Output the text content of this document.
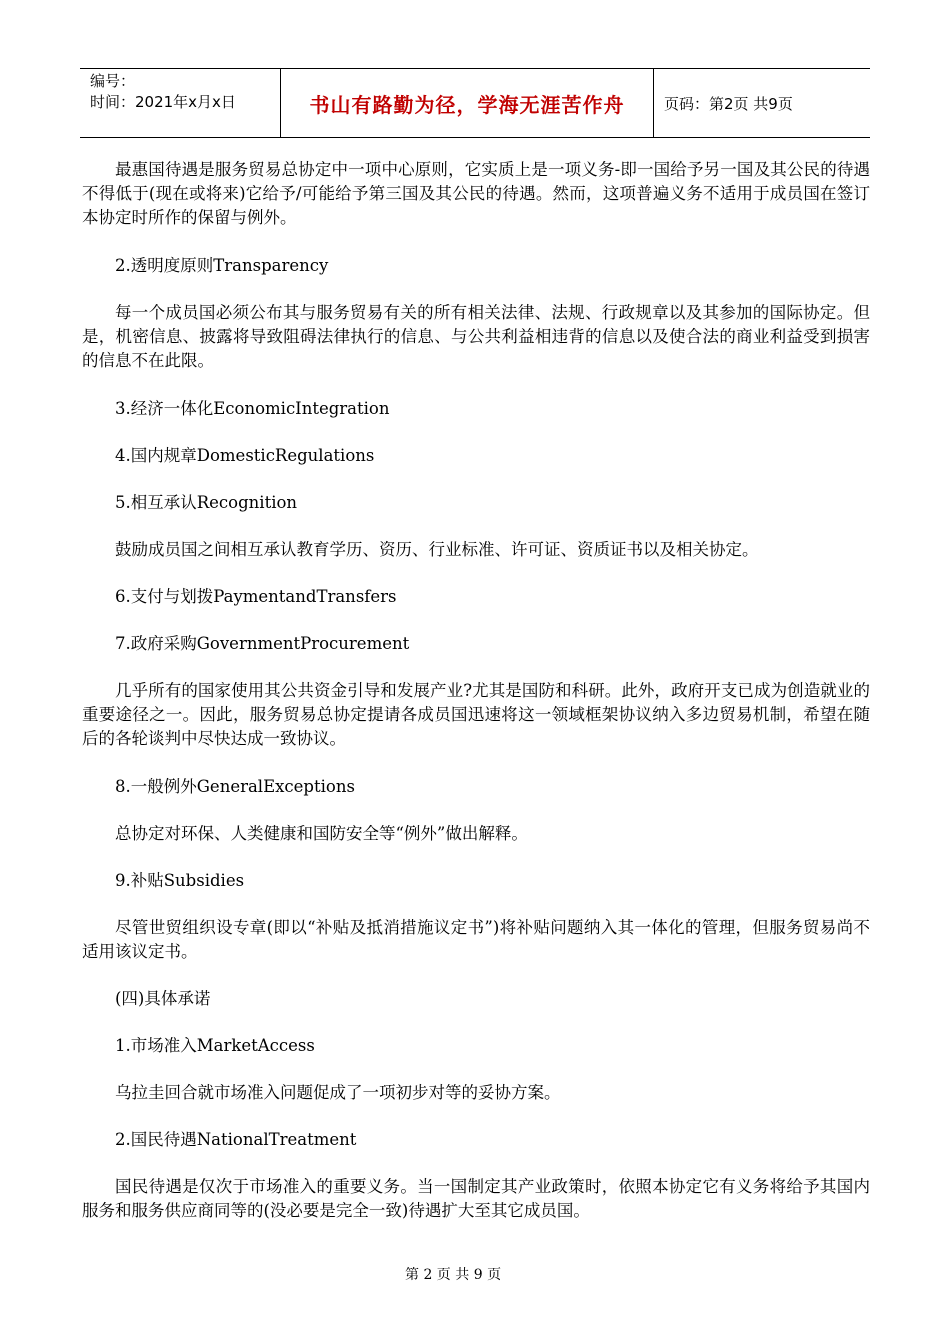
编号：
时间：2021年x月x日	书山有路勤为径，学海无涯苦作舟	页码：第2页 共9页

最惠国待遇是服务贸易总协定中一项中心原则，它实质上是一项义务-即一国给予另一国及其公民的待遇不得低于(现在或将来)它给予/可能给予第三国及其公民的待遇。然而，这项普遍义务不适用于成员国在签订本协定时所作的保留与例外。

2.透明度原则Transparency

每一个成员国必须公布其与服务贸易有关的所有相关法律、法规、行政规章以及其参加的国际协定。但是，机密信息、披露将导致阻碍法律执行的信息、与公共利益相违背的信息以及使合法的商业利益受到损害的信息不在此限。

3.经济一体化EconomicIntegration

4.国内规章DomesticRegulations

5.相互承认Recognition

鼓励成员国之间相互承认教育学历、资历、行业标准、许可证、资质证书以及相关协定。

6.支付与划拨PaymentandTransfers

7.政府采购GovernmentProcurement

几乎所有的国家使用其公共资金引导和发展产业?尤其是国防和科研。此外，政府开支已成为创造就业的重要途径之一。因此，服务贸易总协定提请各成员国迅速将这一领域框架协议纳入多边贸易机制，希望在随后的各轮谈判中尽快达成一致协议。

8.一般例外GeneralExceptions

总协定对环保、人类健康和国防安全等“例外”做出解释。

9.补贴Subsidies

尽管世贸组织设专章(即以“补贴及抵消措施议定书”)将补贴问题纳入其一体化的管理，但服务贸易尚不适用该议定书。

(四)具体承诺

1.市场准入MarketAccess

乌拉圭回合就市场准入问题促成了一项初步对等的妥协方案。

2.国民待遇NationalTreatment

国民待遇是仅次于市场准入的重要义务。当一国制定其产业政策时，依照本协定它有义务将给予其国内服务和服务供应商同等的(没必要是完全一致)待遇扩大至其它成员国。

第 2 页 共 9 页
